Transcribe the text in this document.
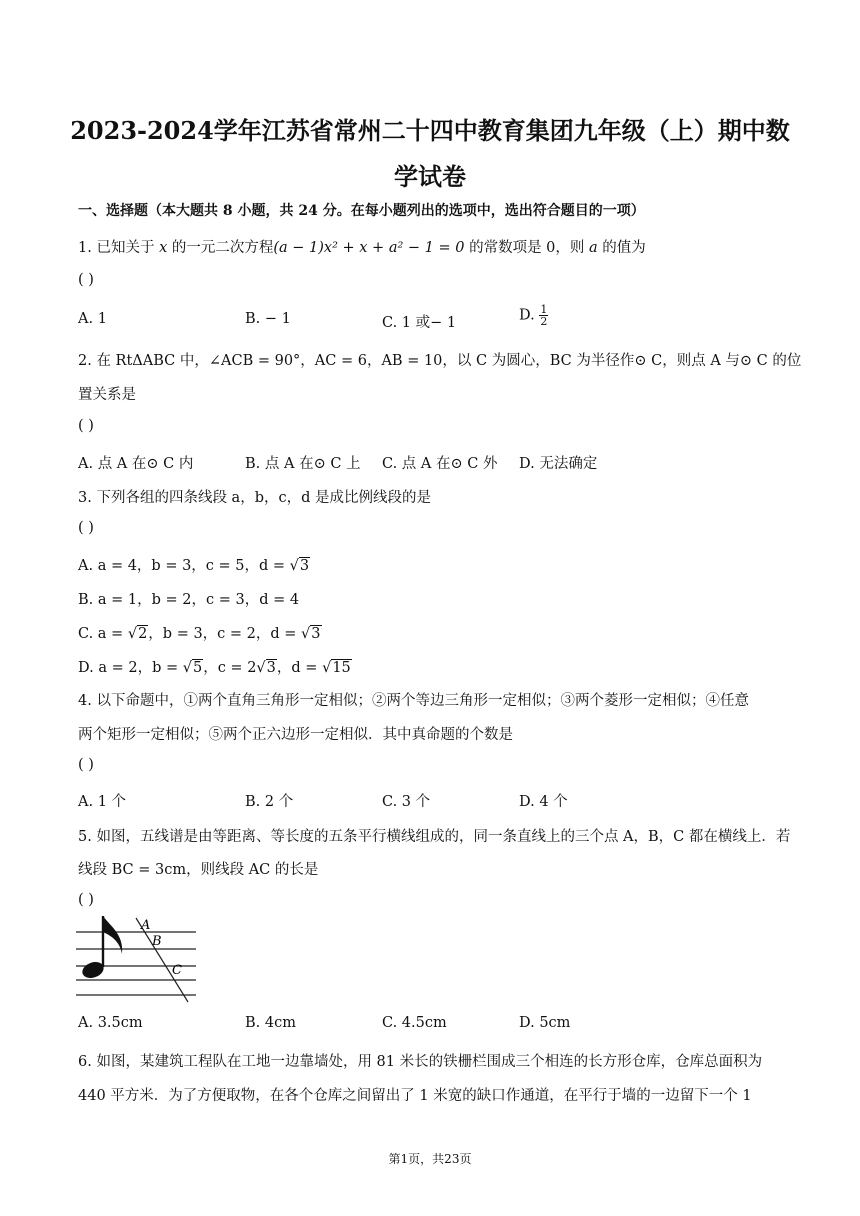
2023-2024学年江苏省常州二十四中教育集团九年级（上）期中数学试卷
一、选择题（本大题共 8 小题，共 24 分。在每小题列出的选项中，选出符合题目的一项）
1. 已知关于 x 的一元二次方程(a − 1)x² + x + a² − 1 = 0 的常数项是 0，则 a 的值为
( )
A. 1	B. − 1	C. 1 或− 1	D. $\frac{1}{2}$
2. 在 RtΔABC 中，∠ACB = 90°，AC = 6，AB = 10，以 C 为圆心，BC 为半径作⊙ C，则点 A 与⊙ C 的位
置关系是
( )
A. 点 A 在⊙ C 内	B. 点 A 在⊙ C 上 C. 点 A 在⊙ C 外 D. 无法确定
3. 下列各组的四条线段 a，b，c，d 是成比例线段的是
( )
A. a = 4，b = 3，c = 5，d = √3
B. a = 1，b = 2，c = 3，d = 4
C. a = √2，b = 3，c = 2，d = √3
D. a = 2，b = √5，c = 2√3，d = √15
4. 以下命题中，①两个直角三角形一定相似；②两个等边三角形一定相似；③两个菱形一定相似；④任意
两个矩形一定相似；⑤两个正六边形一定相似．其中真命题的个数是
( )
A. 1 个	B. 2 个	C. 3 个	D. 4 个
5. 如图，五线谱是由等距离、等长度的五条平行横线组成的，同一条直线上的三个点 A，B，C 都在横线上．若
线段 BC = 3cm，则线段 AC 的长是
( )
A
B
C
A. 3.5cm	B. 4cm	C. 4.5cm	D. 5cm
6. 如图，某建筑工程队在工地一边靠墙处，用 81 米长的铁栅栏围成三个相连的长方形仓库，仓库总面积为
440 平方米．为了方便取物，在各个仓库之间留出了 1 米宽的缺口作通道，在平行于墙的一边留下一个 1
第1页，共23页
